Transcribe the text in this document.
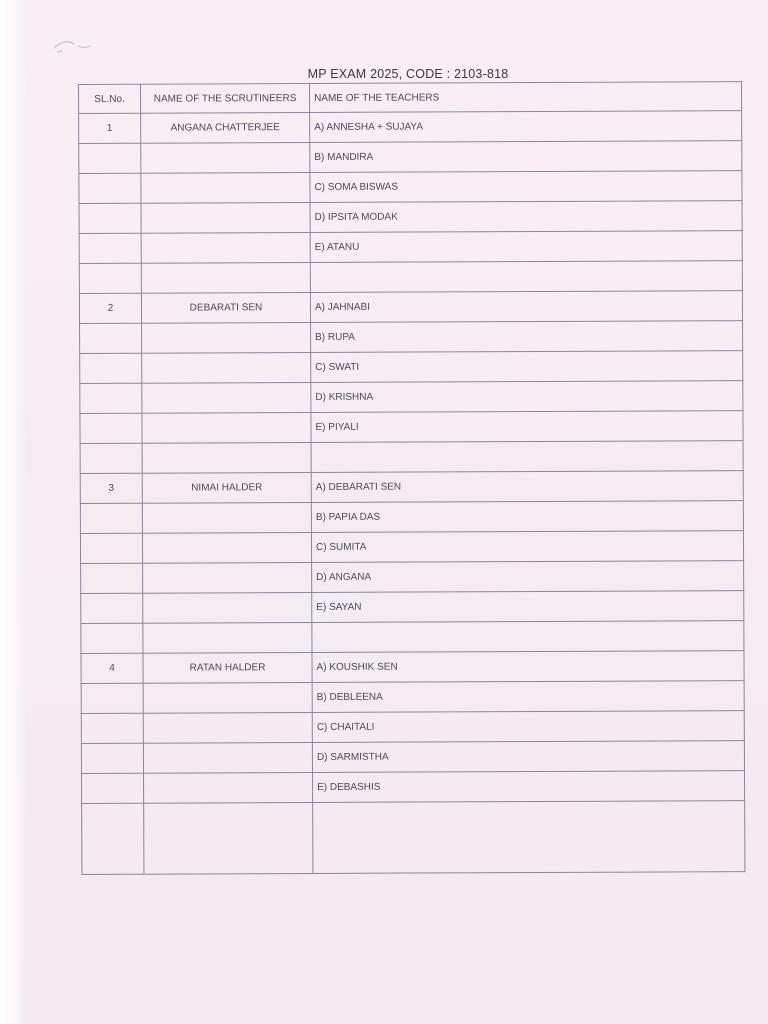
MP EXAM 2025, CODE : 2103-818
SL.No.	NAME OF THE SCRUTINEERS	NAME OF THE TEACHERS
1	ANGANA CHATTERJEE	A) ANNESHA + SUJAYA
		B) MANDIRA
		C) SOMA BISWAS
		D) IPSITA MODAK
		E) ATANU

2	DEBARATI SEN	A) JAHNABI
		B) RUPA
		C) SWATI
		D) KRISHNA
		E) PIYALI

3	NIMAI HALDER	A) DEBARATI SEN
		B) PAPIA DAS
		C) SUMITA
		D) ANGANA
		E) SAYAN

4	RATAN HALDER	A) KOUSHIK SEN
		B) DEBLEENA
		C) CHAITALI
		D) SARMISTHA
		E) DEBASHIS
